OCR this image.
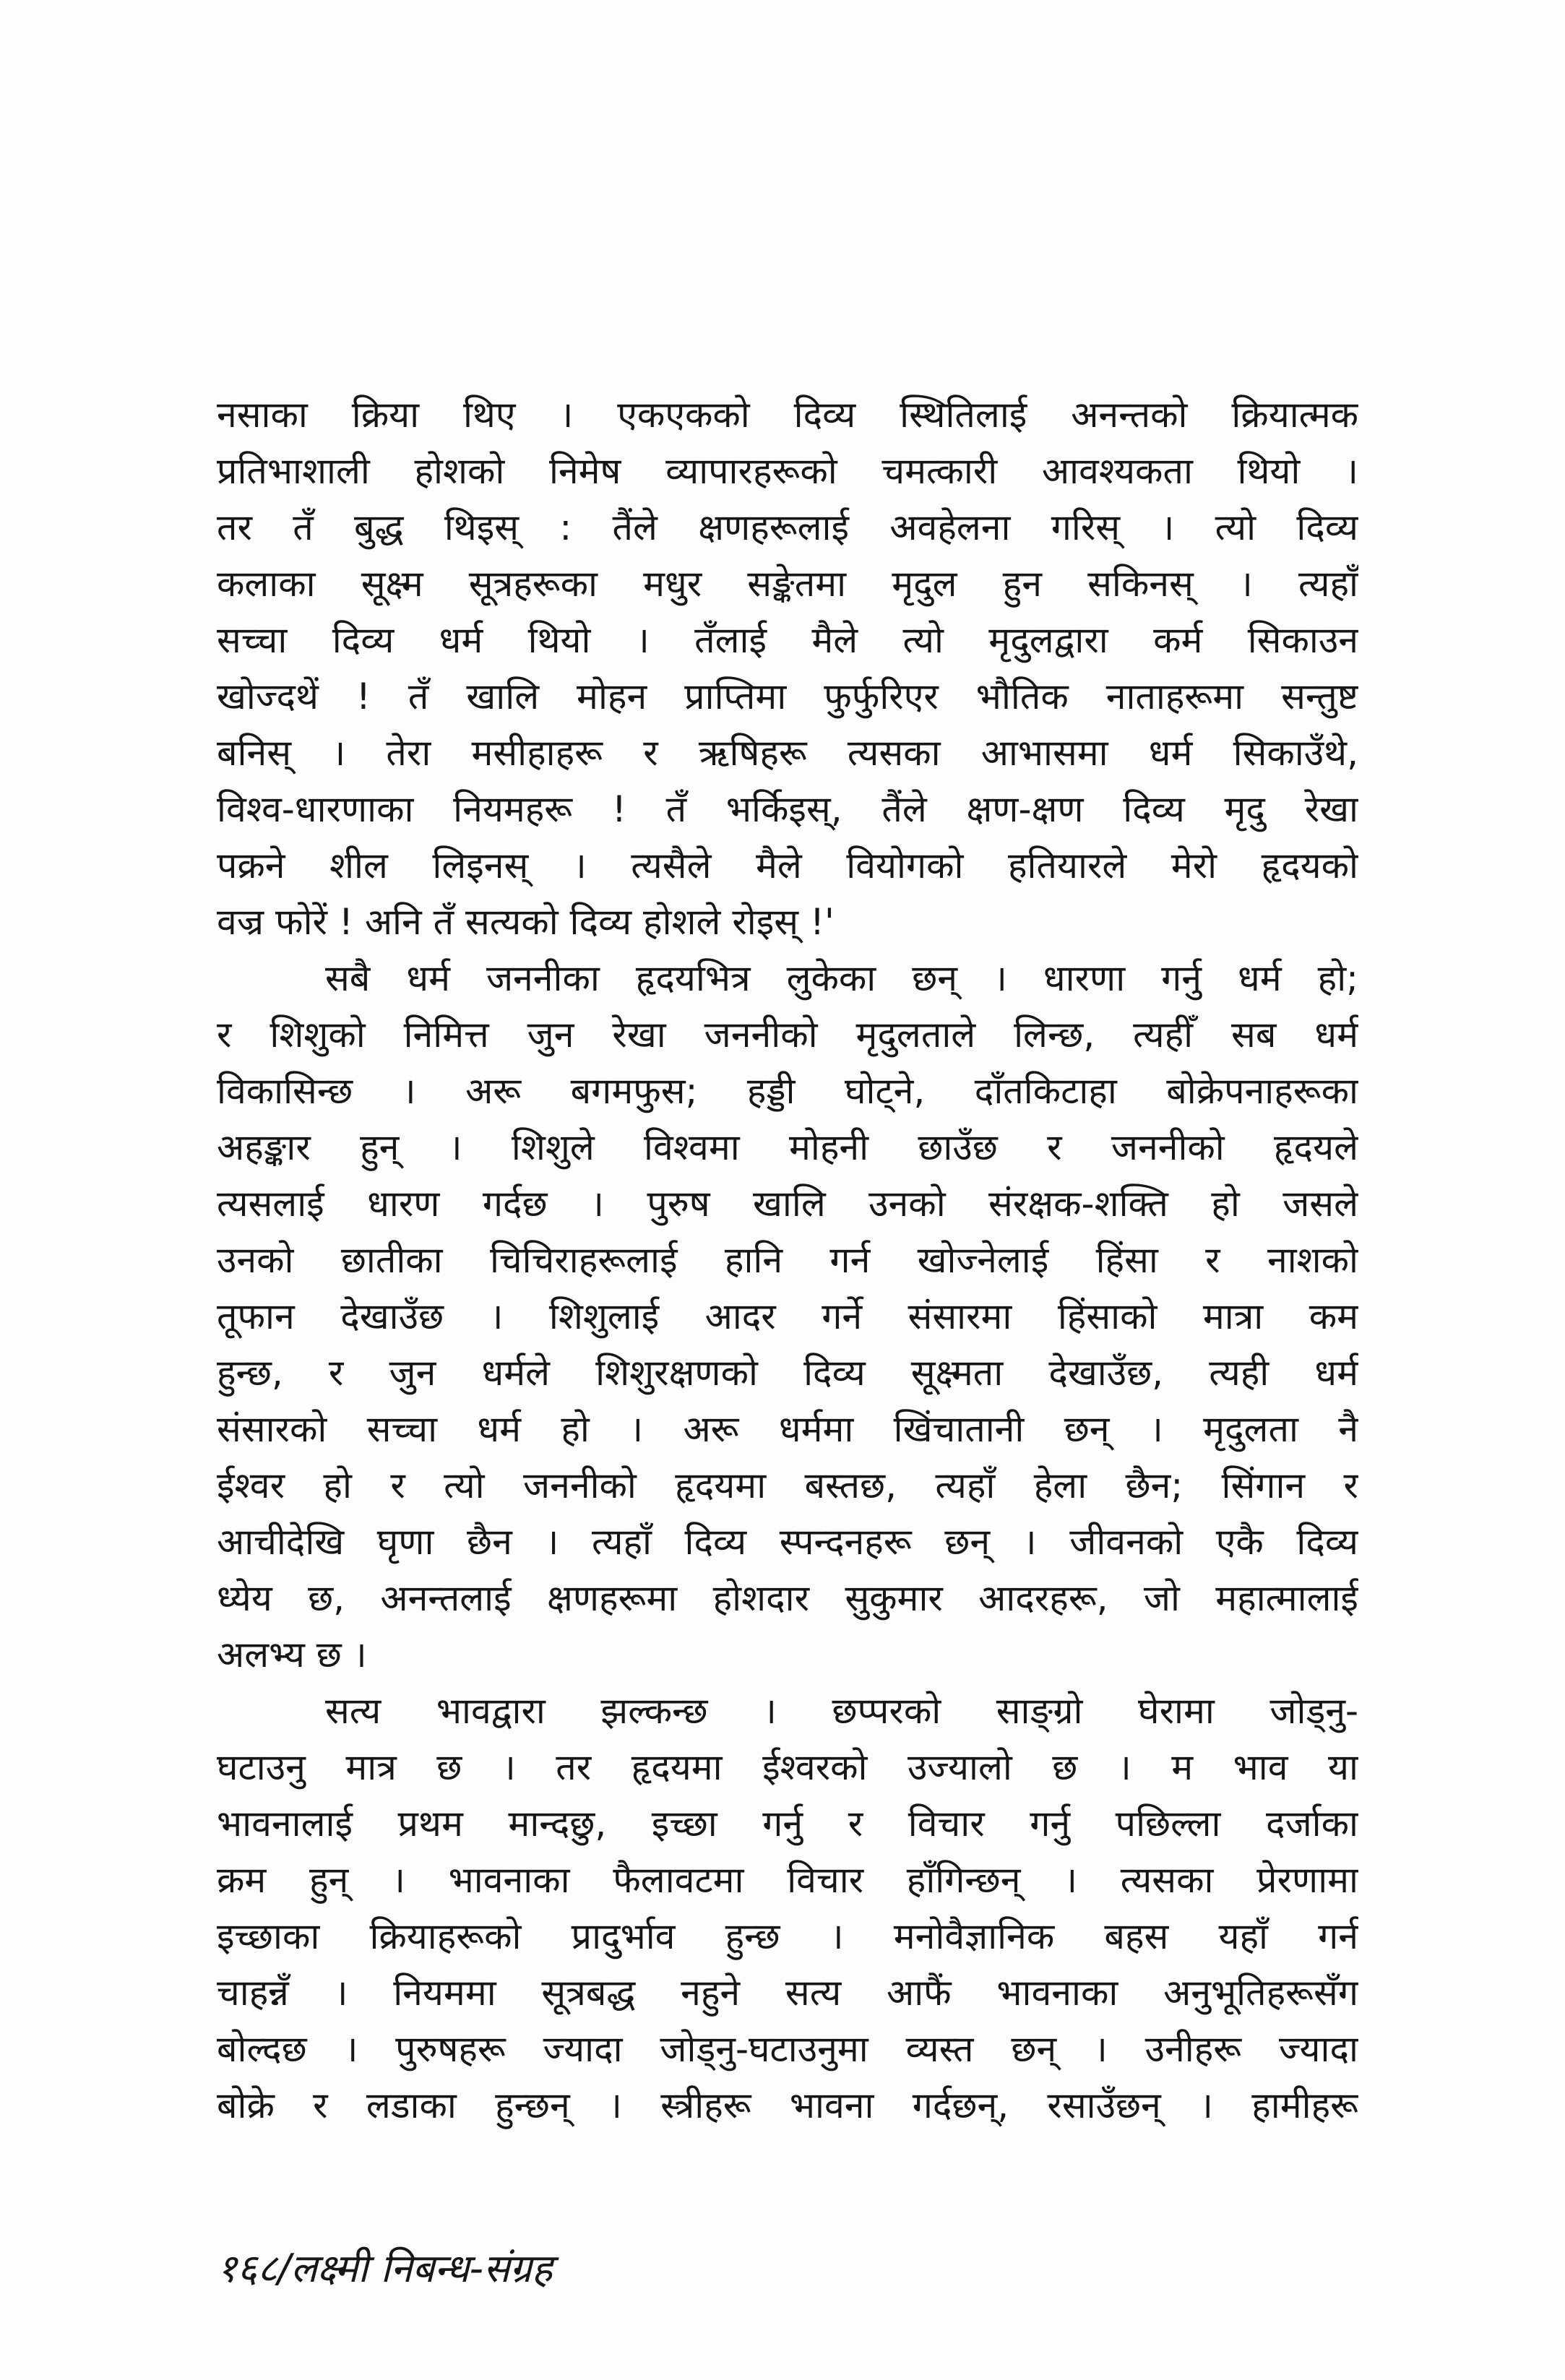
नसाका क्रिया थिए । एकएकको दिव्य स्थितिलाई अनन्तको क्रियात्मक
प्रतिभाशाली होशको निमेष व्यापारहरूको चमत्कारी आवश्यकता थियो ।
तर तँ बुद्ध थिइस् : तैंले क्षणहरूलाई अवहेलना गरिस् । त्यो दिव्य
कलाका सूक्ष्म सूत्रहरूका मधुर सङ्केतमा मृदुल हुन सकिनस् । त्यहाँ
सच्चा दिव्य धर्म थियो । तँलाई मैले त्यो मृदुलद्वारा कर्म सिकाउन
खोज्दथें ! तँ खालि मोहन प्राप्तिमा फुर्फुरिएर भौतिक नाताहरूमा सन्तुष्ट
बनिस् । तेरा मसीहाहरू र ऋषिहरू त्यसका आभासमा धर्म सिकाउँथे,
विश्व-धारणाका नियमहरू ! तँ भर्किइस्, तैंले क्षण-क्षण दिव्य मृदु रेखा
पक्रने शील लिइनस् । त्यसैले मैले वियोगको हतियारले मेरो हृदयको
वज्र फोरें ! अनि तँ सत्यको दिव्य होशले रोइस् !'
सबै धर्म जननीका हृदयभित्र लुकेका छन् । धारणा गर्नु धर्म हो;
र शिशुको निमित्त जुन रेखा जननीको मृदुलताले लिन्छ, त्यहीँ सब धर्म
विकासिन्छ । अरू बगमफुस; हड्डी घोट्ने, दाँतकिटाहा बोक्रेपनाहरूका
अहङ्कार हुन् । शिशुले विश्वमा मोहनी छाउँछ र जननीको हृदयले
त्यसलाई धारण गर्दछ । पुरुष खालि उनको संरक्षक-शक्ति हो जसले
उनको छातीका चिचिराहरूलाई हानि गर्न खोज्नेलाई हिंसा र नाशको
तूफान देखाउँछ । शिशुलाई आदर गर्ने संसारमा हिंसाको मात्रा कम
हुन्छ, र जुन धर्मले शिशुरक्षणको दिव्य सूक्ष्मता देखाउँछ, त्यही धर्म
संसारको सच्चा धर्म हो । अरू धर्ममा खिंचातानी छन् । मृदुलता नै
ईश्वर हो र त्यो जननीको हृदयमा बस्तछ, त्यहाँ हेला छैन; सिंगान र
आचीदेखि घृणा छैन । त्यहाँ दिव्य स्पन्दनहरू छन् । जीवनको एकै दिव्य
ध्येय छ, अनन्तलाई क्षणहरूमा होशदार सुकुमार आदरहरू, जो महात्मालाई
अलभ्य छ ।
सत्य भावद्वारा झल्कन्छ । छप्परको साङ्ग्रो घेरामा जोड्नु-
घटाउनु मात्र छ । तर हृदयमा ईश्वरको उज्यालो छ । म भाव या
भावनालाई प्रथम मान्दछु, इच्छा गर्नु र विचार गर्नु पछिल्ला दर्जाका
क्रम हुन् । भावनाका फैलावटमा विचार हाँगिन्छन् । त्यसका प्रेरणामा
इच्छाका क्रियाहरूको प्रादुर्भाव हुन्छ । मनोवैज्ञानिक बहस यहाँ गर्न
चाहन्नँ । नियममा सूत्रबद्ध नहुने सत्य आफैं भावनाका अनुभूतिहरूसँग
बोल्दछ । पुरुषहरू ज्यादा जोड्नु-घटाउनुमा व्यस्त छन् । उनीहरू ज्यादा
बोक्रे र लडाका हुन्छन् । स्त्रीहरू भावना गर्दछन्, रसाउँछन् । हामीहरू
१६८/लक्ष्मी निबन्ध-संग्रह
